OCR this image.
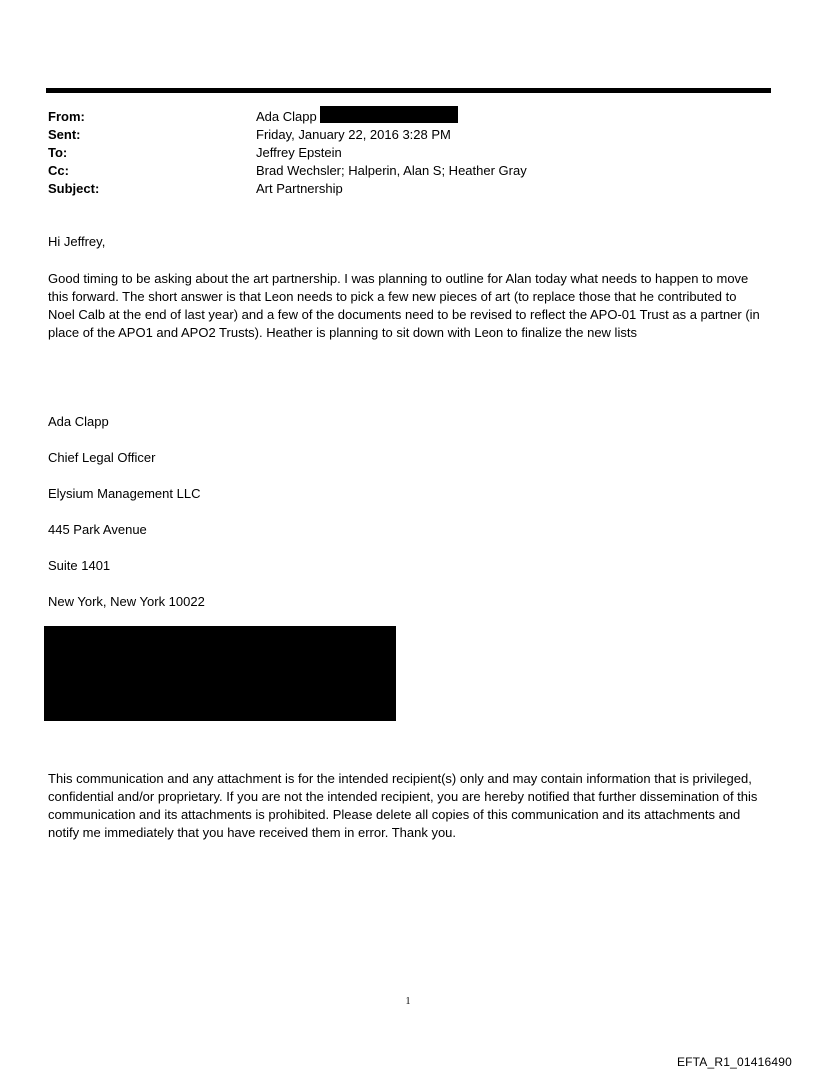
From:	Ada Clapp
Sent:	Friday, January 22, 2016 3:28 PM
To:	Jeffrey Epstein
Cc:	Brad Wechsler; Halperin, Alan S; Heather Gray
Subject:	Art Partnership
Hi Jeffrey,
Good timing to be asking about the art partnership. I was planning to outline for Alan today what needs to happen to move this forward. The short answer is that Leon needs to pick a few new pieces of art (to replace those that he contributed to Noel Calb at the end of last year) and a few of the documents need to be revised to reflect the APO-01 Trust as a partner (in place of the APO1 and APO2 Trusts). Heather is planning to sit down with Leon to finalize the new lists
Ada Clapp
Chief Legal Officer
Elysium Management LLC
445 Park Avenue
Suite 1401
New York, New York 10022
This communication and any attachment is for the intended recipient(s) only and may contain information that is privileged, confidential and/or proprietary. If you are not the intended recipient, you are hereby notified that further dissemination of this communication and its attachments is prohibited. Please delete all copies of this communication and its attachments and notify me immediately that you have received them in error. Thank you.
1
EFTA_R1_01416490
